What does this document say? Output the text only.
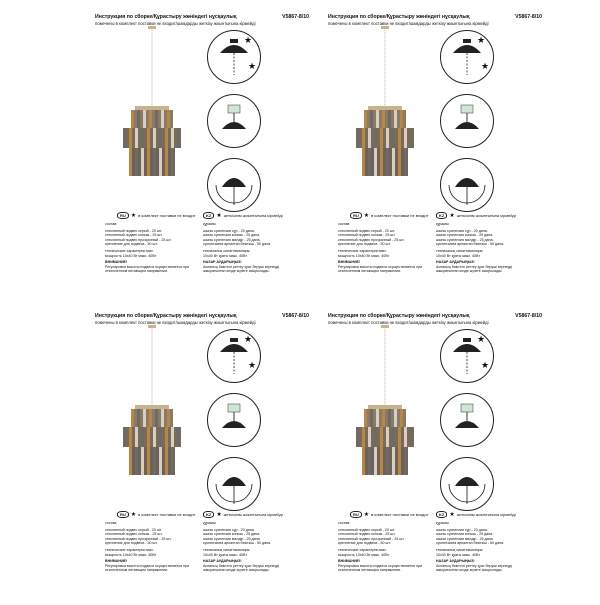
Инструкция по сборке/Құрастыру жөніндегі нұсқаулық	V5867-8/10
помечены в комплект поставки не входит/шамдарды жеткізу жиынтығына кірмейді
★
★
RU ★ в комплект поставки не входит	KZ ★ жеткізілім жиынтығына кірмейді

состав:

стеклянный подвес серый - 20 шт.

стеклянный подвес коньяк - 25 шт.

стеклянный подвес прозрачный - 25 шт.

крепление для подвеса - 50 шт.

технические характеристики:

мощность 10x40 Вт макс. 40Вт

ВНИМАНИЕ!

Регулировка высоты подвеса осуществляется при отключенном питающем напряжении.

құрамы:

шыны суспензия сұр - 20 дана.

шыны суспензия коньяк - 25 дана.

шыны суспензия мөлдір - 25 дана.

суспензияға арналған бекіткіш - 50 дана.

техникалық сипаттамалары:

10x40 Вт қуаты макс. 40Вт

НАЗАР АУДАРЫҢЫЗ!

Аспаның биіктігін реттеу қуат беруші кернеуді ажыратылған кезде жүзеге асырылады.

Инструкция по сборке/Құрастыру жөніндегі нұсқаулық	V5867-8/10
помечены в комплект поставки не входит/шамдарды жеткізу жиынтығына кірмейді
★
★
RU ★ в комплект поставки не входит	KZ ★ жеткізілім жиынтығына кірмейді

состав:

стеклянный подвес серый - 20 шт.

стеклянный подвес коньяк - 25 шт.

стеклянный подвес прозрачный - 25 шт.

крепление для подвеса - 50 шт.

технические характеристики:

мощность 10x40 Вт макс. 40Вт

ВНИМАНИЕ!

Регулировка высоты подвеса осуществляется при отключенном питающем напряжении.

құрамы:

шыны суспензия сұр - 20 дана.

шыны суспензия коньяк - 25 дана.

шыны суспензия мөлдір - 25 дана.

суспензияға арналған бекіткіш - 50 дана.

техникалық сипаттамалары:

10x40 Вт қуаты макс. 40Вт

НАЗАР АУДАРЫҢЫЗ!

Аспаның биіктігін реттеу қуат беруші кернеуді ажыратылған кезде жүзеге асырылады.

Инструкция по сборке/Құрастыру жөніндегі нұсқаулық	V5867-8/10
помечены в комплект поставки не входит/шамдарды жеткізу жиынтығына кірмейді
★
★
RU ★ в комплект поставки не входит	KZ ★ жеткізілім жиынтығына кірмейді

состав:

стеклянный подвес серый - 20 шт.

стеклянный подвес коньяк - 25 шт.

стеклянный подвес прозрачный - 25 шт.

крепление для подвеса - 50 шт.

технические характеристики:

мощность 10x40 Вт макс. 40Вт

ВНИМАНИЕ!

Регулировка высоты подвеса осуществляется при отключенном питающем напряжении.

құрамы:

шыны суспензия сұр - 20 дана.

шыны суспензия коньяк - 25 дана.

шыны суспензия мөлдір - 25 дана.

суспензияға арналған бекіткіш - 50 дана.

техникалық сипаттамалары:

10x40 Вт қуаты макс. 40Вт

НАЗАР АУДАРЫҢЫЗ!

Аспаның биіктігін реттеу қуат беруші кернеуді ажыратылған кезде жүзеге асырылады.

Инструкция по сборке/Құрастыру жөніндегі нұсқаулық	V5867-8/10
помечены в комплект поставки не входит/шамдарды жеткізу жиынтығына кірмейді
★
★
RU ★ в комплект поставки не входит	KZ ★ жеткізілім жиынтығына кірмейді

состав:

стеклянный подвес серый - 20 шт.

стеклянный подвес коньяк - 25 шт.

стеклянный подвес прозрачный - 25 шт.

крепление для подвеса - 50 шт.

технические характеристики:

мощность 10x40 Вт макс. 40Вт

ВНИМАНИЕ!

Регулировка высоты подвеса осуществляется при отключенном питающем напряжении.

құрамы:

шыны суспензия сұр - 20 дана.

шыны суспензия коньяк - 25 дана.

шыны суспензия мөлдір - 25 дана.

суспензияға арналған бекіткіш - 50 дана.

техникалық сипаттамалары:

10x40 Вт қуаты макс. 40Вт

НАЗАР АУДАРЫҢЫЗ!

Аспаның биіктігін реттеу қуат беруші кернеуді ажыратылған кезде жүзеге асырылады.
